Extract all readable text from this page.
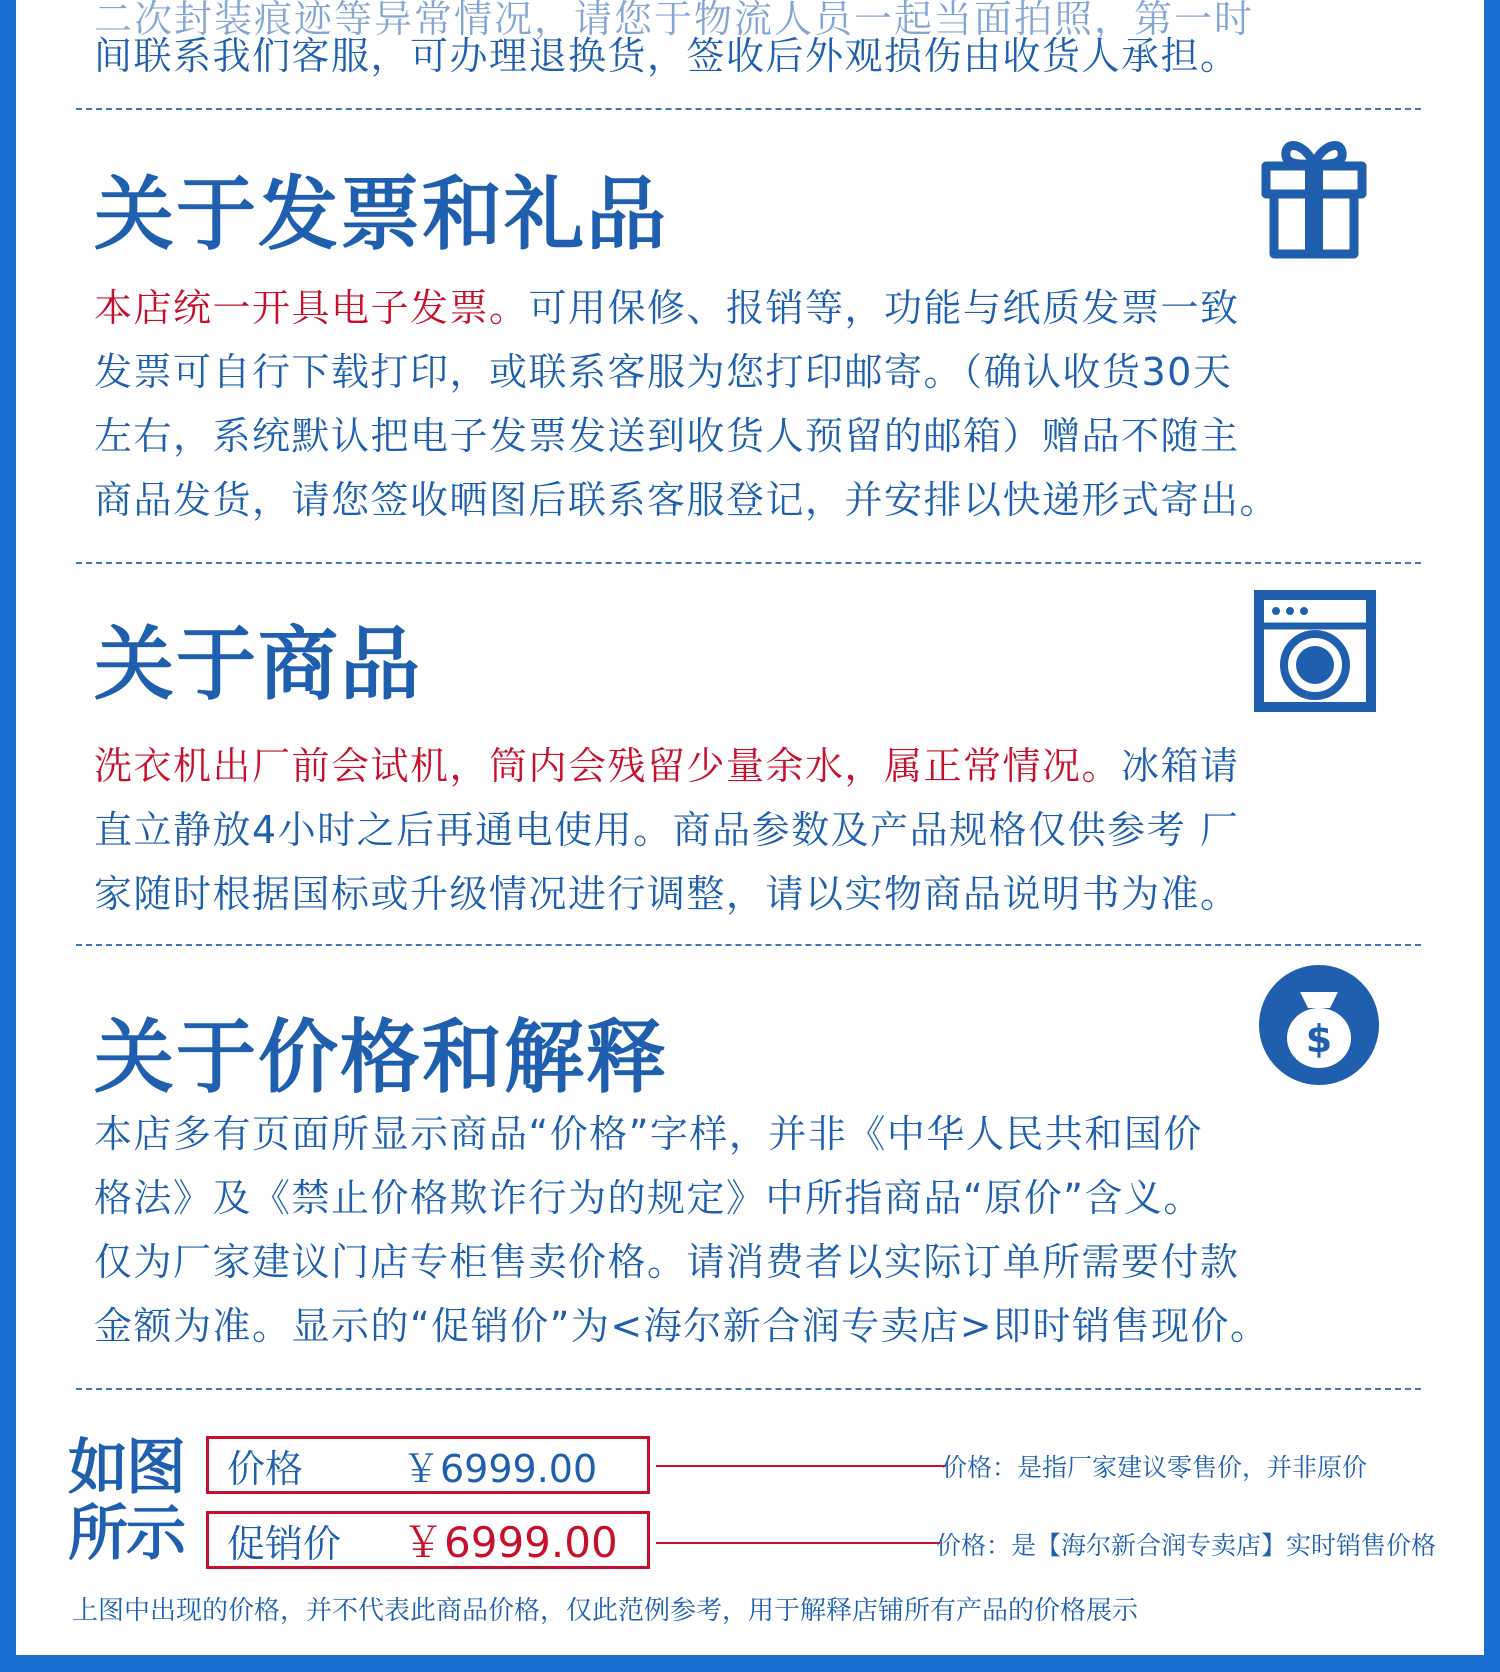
二次封装痕迹等异常情况，请您于物流人员一起当面拍照，第一时
间联系我们客服，可办理退换货，签收后外观损伤由收货人承担。
关于发票和礼品
本店统一开具电子发票。可用保修、报销等，功能与纸质发票一致
发票可自行下载打印，或联系客服为您打印邮寄。（确认收货30天
左右，系统默认把电子发票发送到收货人预留的邮箱）赠品不随主
商品发货，请您签收晒图后联系客服登记，并安排以快递形式寄出。
关于商品
洗衣机出厂前会试机，筒内会残留少量余水，属正常情况。冰箱请
直立静放4小时之后再通电使用。商品参数及产品规格仅供参考 厂
家随时根据国标或升级情况进行调整，请以实物商品说明书为准。
关于价格和解释	$
本店多有页面所显示商品“价格”字样，并非《中华人民共和国价
格法》及《禁止价格欺诈行为的规定》中所指商品“原价”含义。
仅为厂家建议门店专柜售卖价格。请消费者以实际订单所需要付款
金额为准。显示的“促销价”为<海尔新合润专卖店>即时销售现价。
如图
所示
价格	￥6999.00	价格：是指厂家建议零售价，并非原价
促销价	￥6999.00	价格：是【海尔新合润专卖店】实时销售价格
上图中出现的价格，并不代表此商品价格，仅此范例参考，用于解释店铺所有产品的价格展示
